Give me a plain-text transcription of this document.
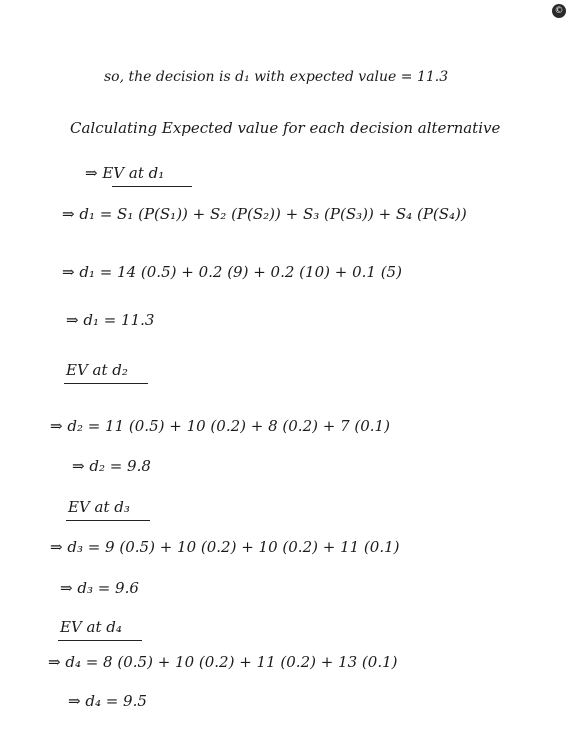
©
so, the decision is d₁ with expected value = 11.3
Calculating Expected value for each decision alternative
⇒ EV at d₁
⇒ d₁ = S₁ (P(S₁)) + S₂ (P(S₂)) + S₃ (P(S₃)) + S₄ (P(S₄))
⇒ d₁ = 14 (0.5) + 0.2 (9) + 0.2 (10) + 0.1 (5)
⇒ d₁ = 11.3
EV at d₂
⇒ d₂ = 11 (0.5) + 10 (0.2) + 8 (0.2) + 7 (0.1)
⇒ d₂ = 9.8
EV at d₃
⇒ d₃ = 9 (0.5) + 10 (0.2) + 10 (0.2) + 11 (0.1)
⇒ d₃ = 9.6
EV at d₄
⇒ d₄ = 8 (0.5) + 10 (0.2) + 11 (0.2) + 13 (0.1)
⇒ d₄ = 9.5
